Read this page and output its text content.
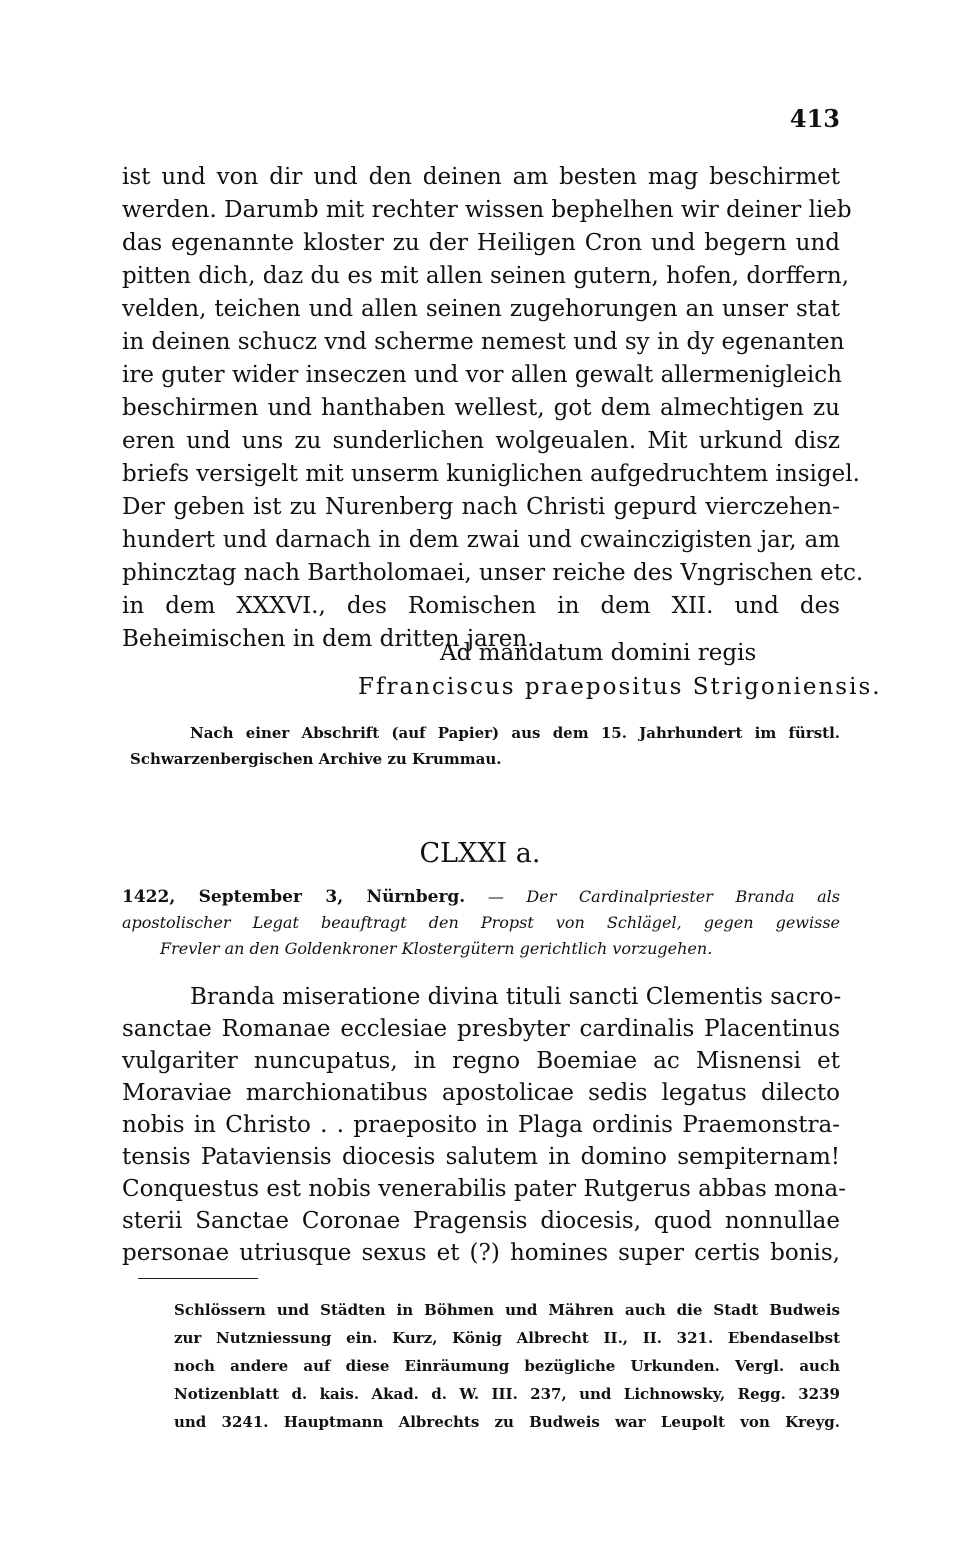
413
ist und von dir und den deinen am besten mag beschirmet
werden. Darumb mit rechter wissen bephelhen wir deiner lieb
das egenannte kloster zu der Heiligen Cron und begern und
pitten dich, daz du es mit allen seinen gutern, hofen, dorffern,
velden, teichen und allen seinen zugehorungen an unser stat
in deinen schucz vnd scherme nemest und sy in dy egenanten
ire guter wider inseczen und vor allen gewalt allermenigleich
beschirmen und hanthaben wellest, got dem almechtigen zu
eren und uns zu sunderlichen wolgeualen. Mit urkund disz
briefs versigelt mit unserm kuniglichen aufgedruchtem insigel.
Der geben ist zu Nurenberg nach Christi gepurd vierczehen-
hundert und darnach in dem zwai und cwainczigisten jar, am
phincztag nach Bartholomaei, unser reiche des Vngrischen etc.
in dem XXXVI., des Romischen in dem XII. und des
Beheimischen in dem dritten jaren.
Ad mandatum domini regis
Ffranciscus praepositus Strigoniensis.
Nach einer Abschrift (auf Papier) aus dem 15. Jahrhundert im fürstl.
Schwarzenbergischen Archive zu Krummau.
CLXXI a.
1422, September 3, Nürnberg. — Der Cardinalpriester Branda als
apostolischer Legat beauftragt den Propst von Schlägel, gegen gewisse
Frevler an den Goldenkroner Klostergütern gerichtlich vorzugehen.
Branda miseratione divina tituli sancti Clementis sacro-
sanctae Romanae ecclesiae presbyter cardinalis Placentinus
vulgariter nuncupatus, in regno Boemiae ac Misnensi et
Moraviae marchionatibus apostolicae sedis legatus dilecto
nobis in Christo . . praeposito in Plaga ordinis Praemonstra-
tensis Pataviensis diocesis salutem in domino sempiternam!
Conquestus est nobis venerabilis pater Rutgerus abbas mona-
sterii Sanctae Coronae Pragensis diocesis, quod nonnullae
personae utriusque sexus et (?) homines super certis bonis,
Schlössern und Städten in Böhmen und Mähren auch die Stadt Budweis
zur Nutzniessung ein. Kurz, König Albrecht II., II. 321. Ebendaselbst
noch andere auf diese Einräumung bezügliche Urkunden. Vergl. auch
Notizenblatt d. kais. Akad. d. W. III. 237, und Lichnowsky, Regg. 3239
und 3241. Hauptmann Albrechts zu Budweis war Leupolt von Kreyg.
